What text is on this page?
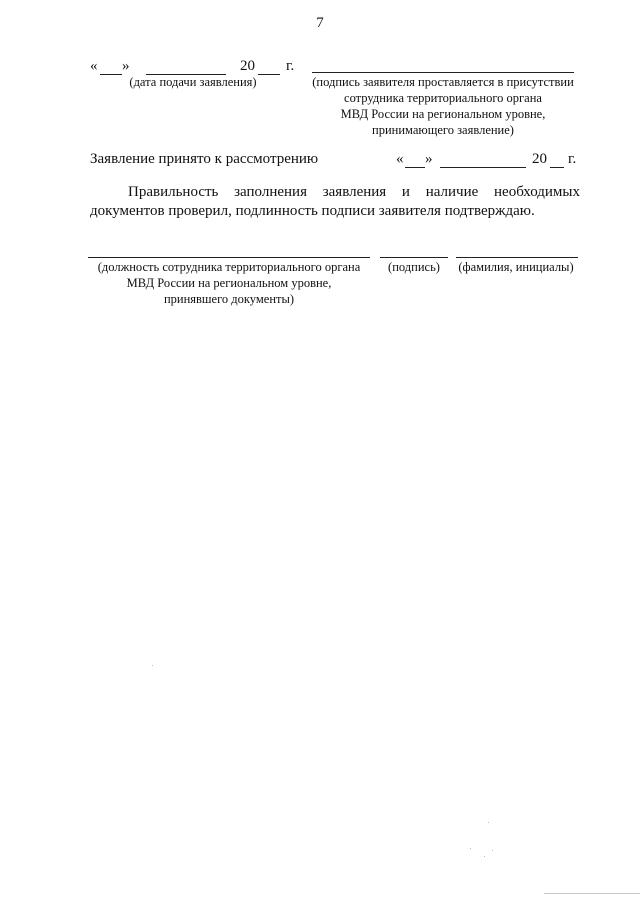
7
« »	20 г.
(дата подачи заявления)	(подпись заявителя проставляется в присутствии
сотрудника территориального органа
МВД России на региональном уровне,
принимающего заявление)
Заявление принято к рассмотрению	« »	20 г.
Правильность заполнения заявления и наличие необходимых
документов проверил, подлинность подписи заявителя подтверждаю.
(должность сотрудника территориального органа
МВД России на региональном уровне,
принявшего документы)
(подпись)	(фамилия, инициалы)
